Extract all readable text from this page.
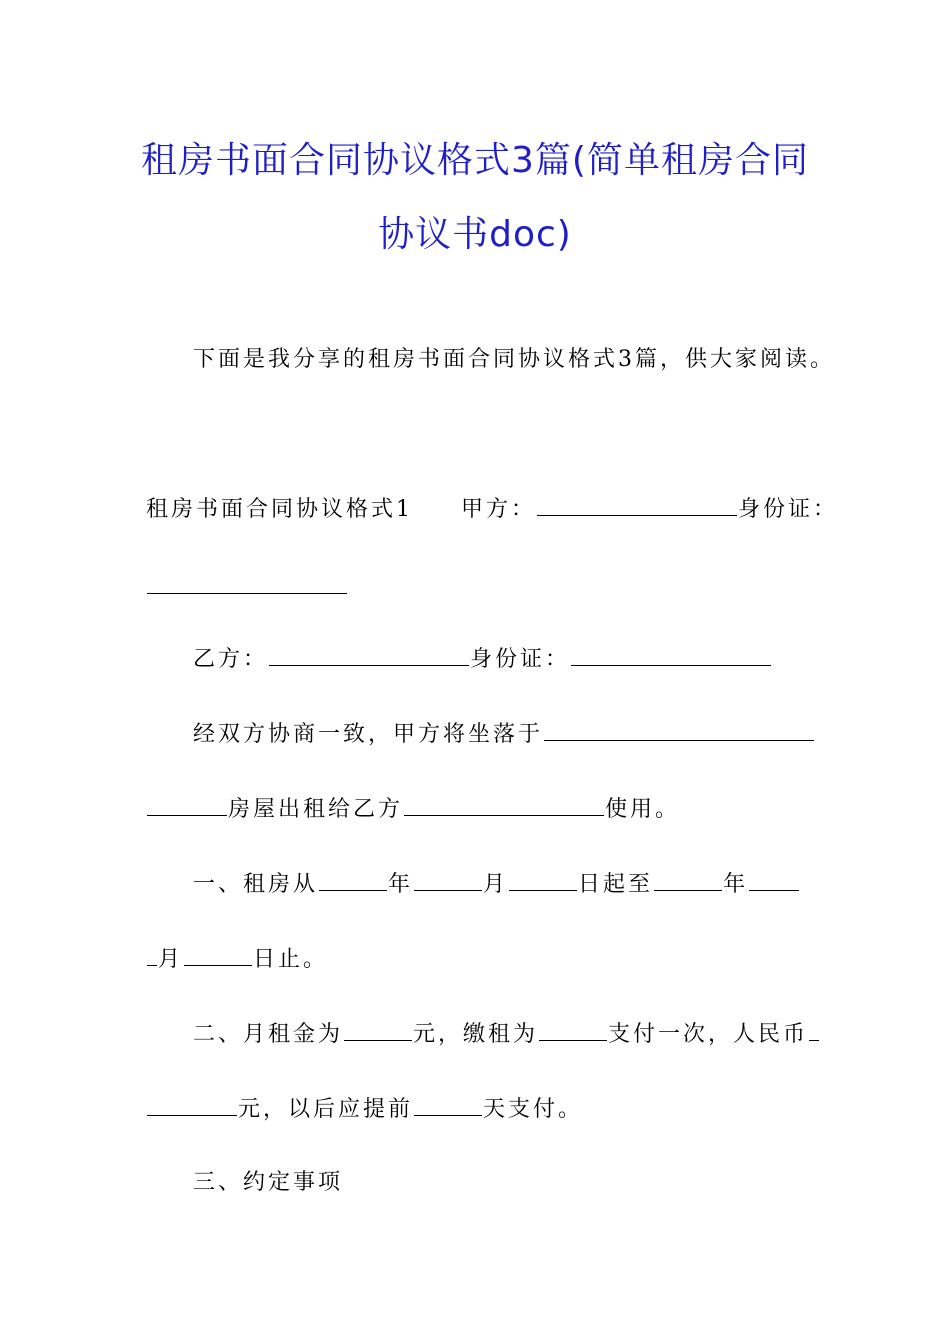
租房书面合同协议格式3篇(简单租房合同
协议书doc)
下面是我分享的租房书面合同协议格式3篇，供大家阅读。
租房书面合同协议格式1 甲方：	身份证：
乙方：	身份证：
经双方协商一致，甲方将坐落于
房屋出租给乙方	使用。
一、租房从	年	月	日起至	年
月	日止。
二、月租金为	元，缴租为	支付一次，人民币
元，以后应提前	天支付。
三、约定事项
